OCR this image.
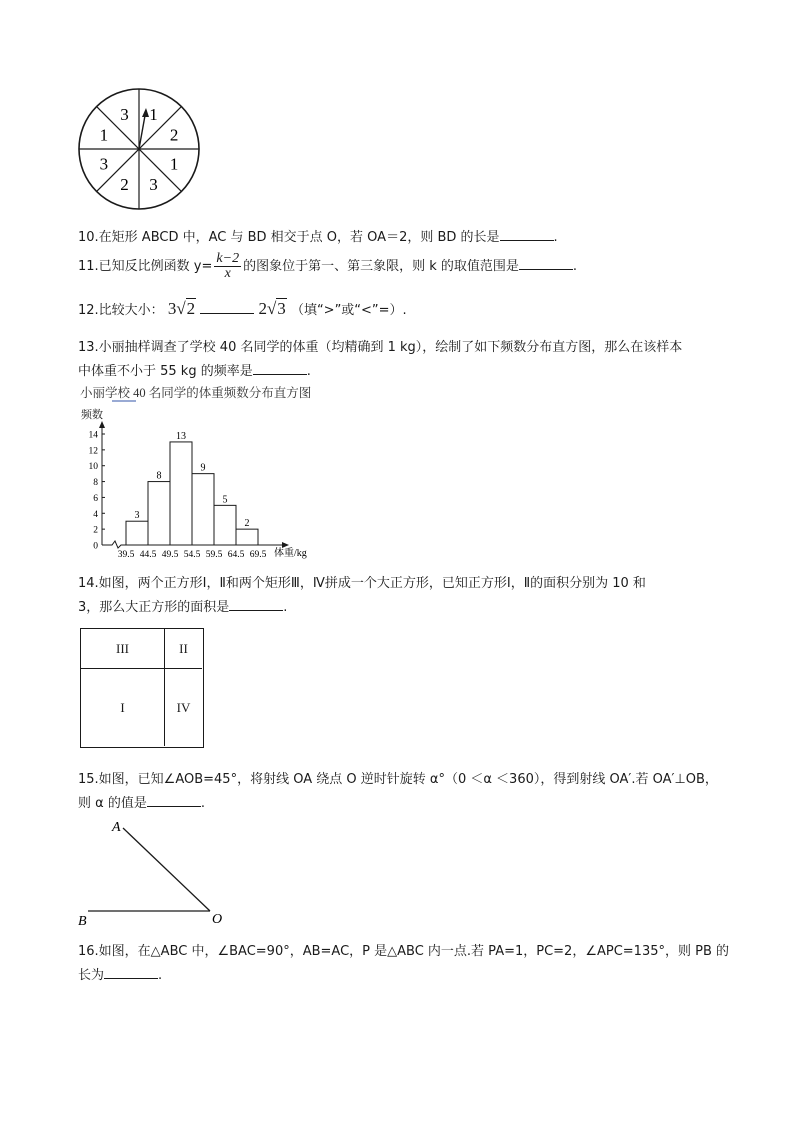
1
2
1
3
2
3
1
3
10.在矩形 ABCD 中，AC 与 BD 相交于点 O，若 OA＝2，则 BD 的长是	.
11.已知反比例函数 $y= \frac{k-2}{x}$ 的图象位于第一、第三象限，则 k 的取值范围是	.
12.比较大小： 3√2	2√3 （填“>”或“<”=）.
13.小丽抽样调查了学校 40 名同学的体重（均精确到 1 kg），绘制了如下频数分布直方图，那么在该样本
中体重不小于 55 kg 的频率是	.
小丽学校 40 名同学的体重频数分布直方图
频数
0
2
4
6
8
10
12
14
3
8
13
9
5
2
39.5 44.5 49.5 54.5 59.5 64.5 69.5 体重/kg
14.如图，两个正方形Ⅰ，Ⅱ和两个矩形Ⅲ，Ⅳ拼成一个大正方形，已知正方形Ⅰ，Ⅱ的面积分别为 10 和
3，那么大正方形的面积是	.
III	II
I	IV
15.如图，已知∠AOB=45°，将射线 OA 绕点 O 逆时针旋转 α°（0 ＜α ＜360），得到射线 OA′.若 OA′⊥OB，
则 α 的值是	.
A
B	O
16.如图，在△ABC 中，∠BAC=90°，AB=AC，P 是△ABC 内一点.若 PA=1，PC=2，∠APC=135°，则 PB 的
长为	.
